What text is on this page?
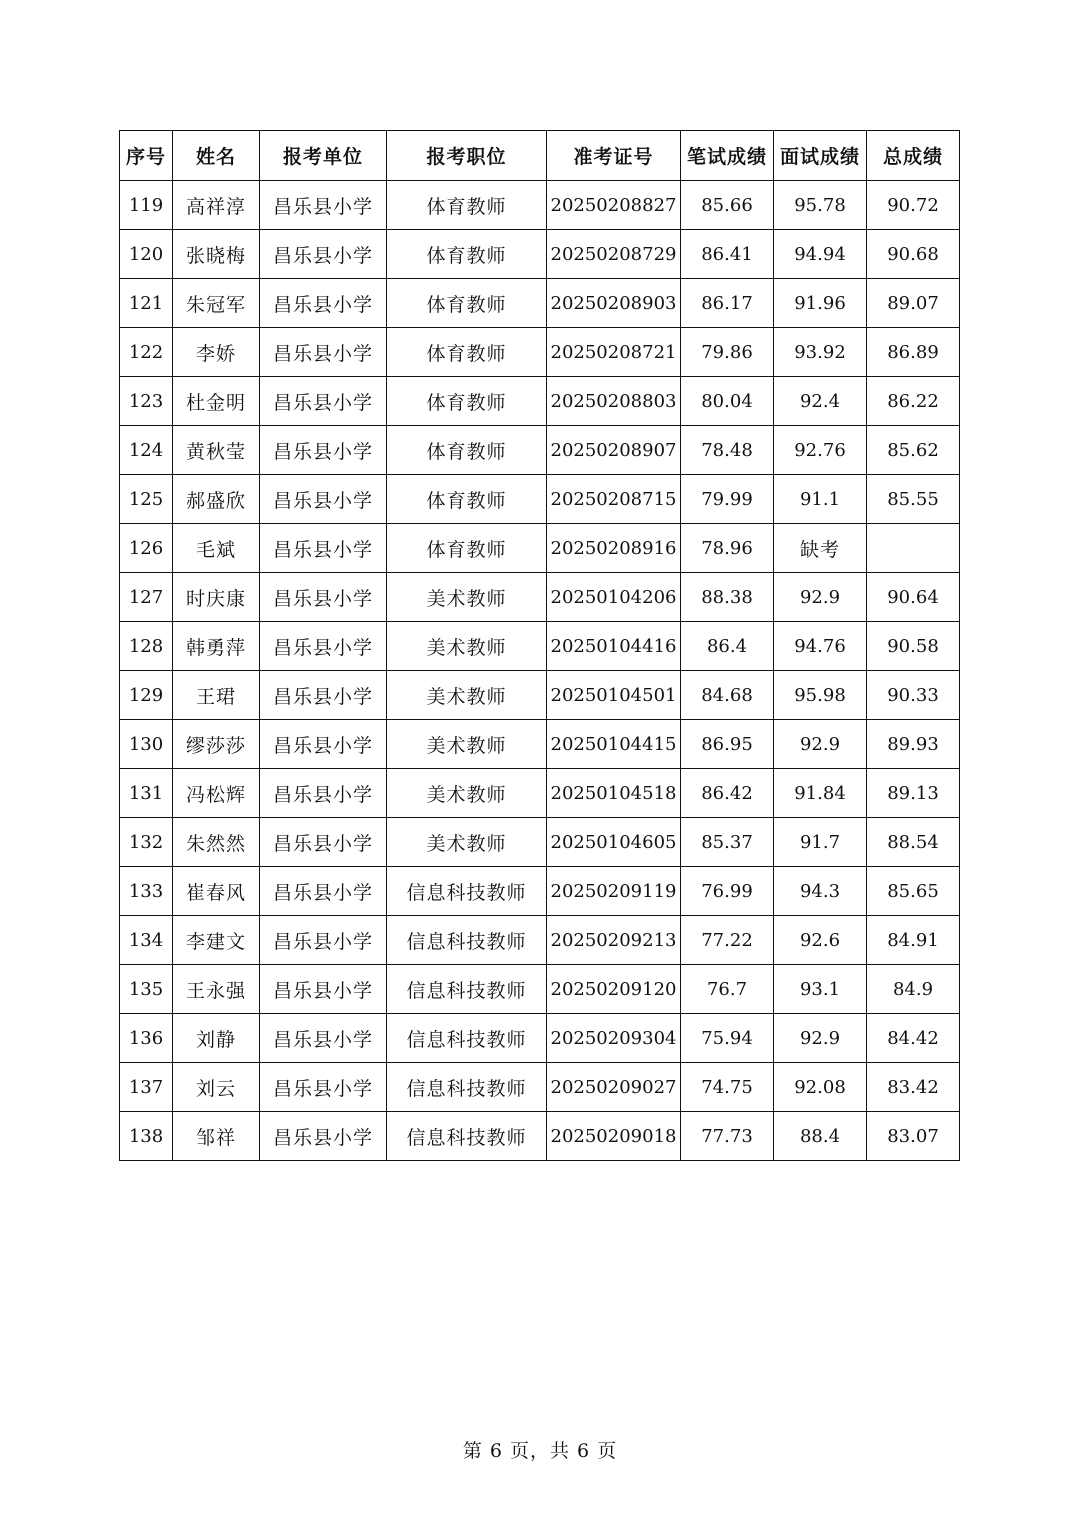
序号	姓名	报考单位	报考职位	准考证号	笔试成绩	面试成绩	总成绩
119	高祥淳	昌乐县小学	体育教师	20250208827	85.66	95.78	90.72
120	张晓梅	昌乐县小学	体育教师	20250208729	86.41	94.94	90.68
121	朱冠军	昌乐县小学	体育教师	20250208903	86.17	91.96	89.07
122	李娇	昌乐县小学	体育教师	20250208721	79.86	93.92	86.89
123	杜金明	昌乐县小学	体育教师	20250208803	80.04	92.4	86.22
124	黄秋莹	昌乐县小学	体育教师	20250208907	78.48	92.76	85.62
125	郝盛欣	昌乐县小学	体育教师	20250208715	79.99	91.1	85.55
126	毛斌	昌乐县小学	体育教师	20250208916	78.96	缺考	
127	时庆康	昌乐县小学	美术教师	20250104206	88.38	92.9	90.64
128	韩勇萍	昌乐县小学	美术教师	20250104416	86.4	94.76	90.58
129	王珺	昌乐县小学	美术教师	20250104501	84.68	95.98	90.33
130	缪莎莎	昌乐县小学	美术教师	20250104415	86.95	92.9	89.93
131	冯松辉	昌乐县小学	美术教师	20250104518	86.42	91.84	89.13
132	朱然然	昌乐县小学	美术教师	20250104605	85.37	91.7	88.54
133	崔春风	昌乐县小学	信息科技教师	20250209119	76.99	94.3	85.65
134	李建文	昌乐县小学	信息科技教师	20250209213	77.22	92.6	84.91
135	王永强	昌乐县小学	信息科技教师	20250209120	76.7	93.1	84.9
136	刘静	昌乐县小学	信息科技教师	20250209304	75.94	92.9	84.42
137	刘云	昌乐县小学	信息科技教师	20250209027	74.75	92.08	83.42
138	邹祥	昌乐县小学	信息科技教师	20250209018	77.73	88.4	83.07
第 6 页，共 6 页
